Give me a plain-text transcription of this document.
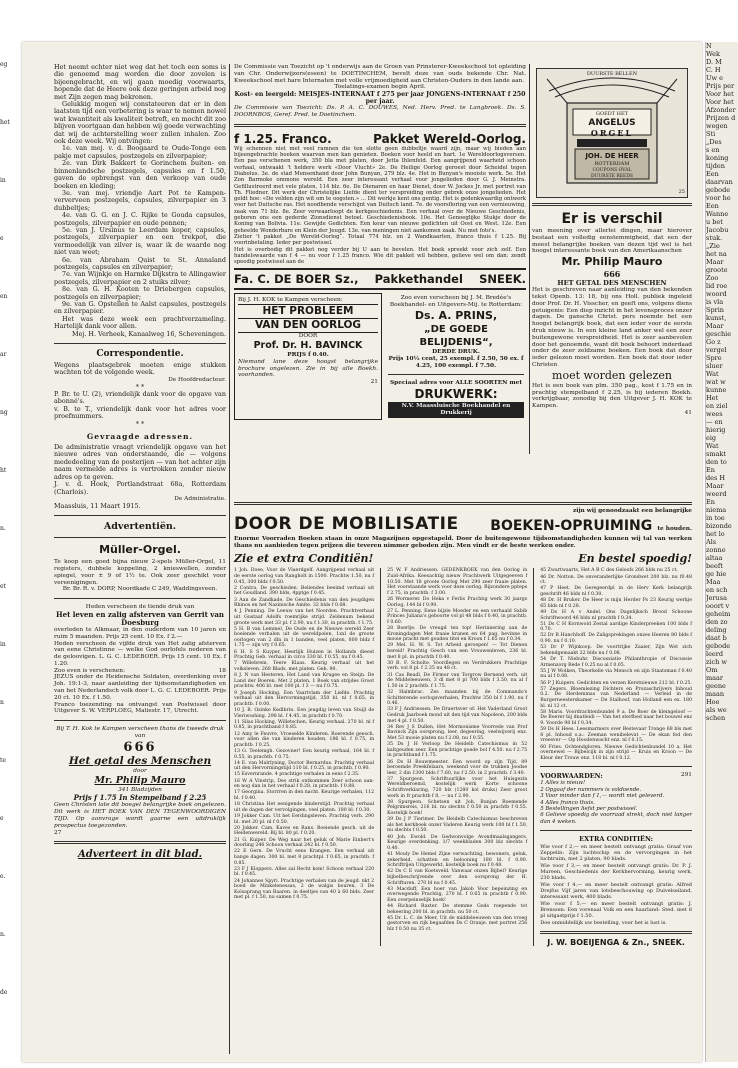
eg
het
in
e
en
ar
ng
ht
n.
et
in
n
te
e
e.
n.
de

Het neemt echter niet weg dat het toch een soms is die genoemd mag worden die door zovelen is bijeengebracht, en wij gaan moedig voorwaarts, hopende dat de Heere ook deze geringen arbeid nog met Zijn zegen mag bekronen.

Gelukkig mogen wij constateeren dat er in den laatsten tijd een verbetering is waar te nemen nowel wat kwantiteit als kwaliteit betreft, en mocht dit zoo blijven voortgaan dan hebben wij goede verwachting dat wij de achterstelling weer zullen inhalen. Zoo ook deze week. Wij ontvingen:

1e. van mej. v. d. Boogaard te Oude-Tonge een pakje met capsules, postzegels en zilverpapier;

2e. van Dirk Bakkert te Gorinchem buiten- en binnenlandsche postzegels, capsules en f 1.50, gaven de opbrengst van den verkoop van oude boeken en kleding;

3e. van mej. vriendje Aart Pot te Kampen-ververveen postzegels, capsules, zilverpapier en 3 dubbeltjes;

4e. van G. G. en J. C. Rijke te Gouda capsules, postzegels, zilverpapier en oude pennen;

5e. van J. Ursinus te Leerdam koper, capsules, postzegels, zilverpapier en een trekpot, die vermoedelijk van zilver is, waar ik de waarde nog niet van weet;

6e. van Abraham Quist te St. Annaland postzegels, capsules en zilverpapier;

7e. van Wijnkje en Harmke Dijkstra te Allingawier postzegels, zilverpapier en 2 stuiks zilver;

8e. van G. H. Kooten te Driebergen capsules, postzegels en zilverpapier;

9e. van G. Opstellen te Aalst capsules, postzegels en zilverpapier.

Het was deze week een prachtverzameling. Hartelijk dank voor allen.

Mej. H. Verheek, Kanaalweg 16, Scheveningen.

Correspondentie.

Wegens plaatsgebrek moeten enige stukken wachten tot de volgende week.

De Hoofdredacteur.

* *

P. Br. te U. (2), vriendelijk dank voor de opgave van abonné's.

v. B. te T., vriendelijk dank voor het adres voor proefnummers.

* *

Gevraagde adressen.

De administratie vraagt vriendelijk opgave van het nieuwe adres van onderstaande, die — volgens mededeeling van de posterijen — van het achter zijn naam vermelde adres is vertrokken zonder nieuw adres op te geven.

J. v. d. Hoek, Portlandstraat 68a, Rotterdam (Charlois).

De Administratie.

Maassluis, 11 Maart 1915.

Advertentiën.
Müller-Orgel.

Te koop een goed bijna nieuw 2-spels Müller-Orgel, 11 registers, dubbele koppeling, 2 knieswellen, zonder spiegel, voor ± 9 of 1½ te. Ook zeer geschikt voor vereenigingen.

Br. Br. R. v. DORP, Noordkade C 249, Waddingsveen.

Heden verscheen de tiende druk van

Het leven en zalig afsterven van Gerrit van Doesburg

overleden te Alkmaar, in den ouderdom van 10 jaren en ruim 5 maanden. Prijs 25 cent. 10 Ex. f 2.—

Heden verscheen de vijfde druk van Het zalig afsterven van eene Christinne — welke God oorlofels nederen van de geloovigen. L. G. C. LEDEBOER. Prijs 15 cent. 10 Ex. f 1.20.

Zoo even is verschenen:	18

JEZUS onder de Heidensche Soldaten, overdenking over Joh. 19:1-3, naar aanleiding der tijdsomstandigheden en van het Nederlandsch volk door L. G. C. LEDEBOER. Prijs 20 ct. 10 Ex. f 1.50.

Franco toezending na ontvangst van Postwissel door Uitgever S. W. VERPLOEG, Maliestr. 17, Utrecht.

Bij T. H. Kok te Kampen verscheen thans de tweede druk van

666

Het getal des Menschen

door

Mr. Philip Mauro

341 Bladzijden

Prijs f 1.75 In Stempelband f 2.25

Geen Christen late dit boegel belangrijke boek ongelezen. Dit werk is HET BOEK VAN DEN TEGENWOORDIGEN TIJD. Op aanvrage wordt gaarne een uitdruklijk prospectus toegezonden.

27

Adverteert in dit blad.

De Commissie van Toezicht op 't onderwijs aan de Groen van Prinsterer-Kweekschool tot opleiding van Chr. Onderwijzers(essen) te DOETINCHEM, bevelt deze van ouds bekende Chr. Nat. Kweekschool met hare Internaten met volle vrijmoedigheid aan Christen-Ouders in den lande aan.

Toelatings-examen begin April.

Kost- en leergeld: MEISJES-INTERNAAT f 275 per jaar JONGENS-INTERNAAT f 250 per jaar.

De Commissie van Toezicht: Ds. P. A. C. DOUWES, Ned. Herv. Pred. te Langbroek. Ds. S. DOORNBOS, Geref. Pred. te Doetinchem.

f 1.25. Franco.	Pakket Wereld-Oorlog.

Wij schennen niet met veel ramnen die ten slotte geen dubbeltje waard zijn, maar wij bieden aan bijeengebrachte boeken waarvan men kan genieten. Boeken voor heeld en hart. 1e Wereldoorlogsversen. Een pas verschenen werk, 350 bla met platen, door Jetta Ihlenfeld. Een aangrijpend waarheid schoon verhaal, ontwaakt 't heldere werk «Door Vlucht» 2e. De Heilige Oorlog geroest door Scheidel tegen Diabolus. 3e. de stad Mensenhand door John Bunyan, 279 blz. 4e. Het in Bunyan's mooiste werk. 5e. Het Zon Barmoke ommone wereld. Een zeer interessant verhaal voor jongelieden door G. J. Meinstra. Gefillustreerd met vele platen, 114 blz. 6e. De Dienaren en haar Dienst, door W. Jockes Jr. met portret van Th. Fliedner. Dit werk der Christelijke Liefde dient ter verspreiding onder gebrek onze jongelieden. Het geldt hoe: «De velden zijn wit om te oogsten.» ... Dit werkje kent ons gentig. Het is gedenkwaardig ontwerk voor het Duitsche ras. Het noodbende verschijnt van Duitsch land. 7e. de voorsfloring van een vernieuwing, zaak van 71 blz. 8e. Zeer verwaarloopt de kerkgeschiedenis. Een verhaal over de Nieuwe Geschiedenis, geboren ons een gederde Zionsdienst betoel. Geschiedenisbook. 10e. Het Genoeglijke Stukje door de Koning van Bolivia. 11e. Gewijde Gedichten. Een keur van nieuwe gedichten uit Oost en West. 12e. Een geheelde Wonderbare en Klein der Jeugd. 13e. van meningen niet aankomen zaak. Nu met foto's.

Zietier 't pakket „De Wereld-Oorlog“. Totaal 774 blz. en 2 Wandkaarten, franco thuis f 1.25. Bij voorinbetaling. Ieder per postwissel.

Het is overbodig dit pakket nog verder bij U aan te bevelen. Het boek spreekt voor zich zelf. Een handelswaarde van f 4 — nu voor f 1.25 franco. Wie dit pakket wil hebben, gelieve wel om dan: zendt speedig postwissel aan de

Fa. C. DE BOER Sz., Pakkethandel SNEEK.

Bij J. H. KOK te Kampen verscheen:

HET PROBLEEM

VAN DEN OORLOG

DOOR

Prof. Dr. H. BAVINCK

PRIJS f 0.40.

Niemand lane deze hoogst belangrijke brochure ongelezen. Zie in bij alle Boekh. voorhanden.

21

Zoo even verscheen bij J. M. Bredée's Boekhandel- en Uitgevers-Mij. te Rotterdam:

Ds. A. PRINS,

„DE GOEDE BELIJDENIS“,

DERDE DRUK.

Prijs 10½ cent, 25 exempl. f 2.50, 50 ex. f 4.25, 100 exempl. f 7.50.

Speciaal adres voor ALLE SOORTEN met

DRUKWERK:

N.V. Maassluische Boekhandel en Drukkerij

DUURSTE BELLEN
GOEDT HET
ANGELUS
ORGEL
JOH. DE HEER
ROTTERDAM
COUPONS OVAL
DUURSTE REEDS
25

Er is verschil

van meening over allerlei dingen, maar hierover bestaat een volledig eenstemmigheid, dat een der meest belangrijke boeken van dezen tijd wel is het hoogst interessante boek van den Amerikaanschen

Mr. Philip Mauro

666

HET GETAL DES MENSCHEN

Het is geschreven naar aanleiding van den bekenden tekst Openb. 13: 18, bij ons Holl. publiek ingeleid door Prof. Dr. H. Visscher, en geeft ons, volgens diens getuigenis: Een diep inzicht in het levensproces onzer dagen. De gansche Christ. pers noemde het een hoogst belangrijk boek, dat een ieder voor de eerste druk nieuw is. In een kleine land anker wel een zeer buitengewone verspreidheid. Het is zeer aanbevolen door het genoemde, want dit boek behoort inderdaad onder de zeer zeldzame boeken. Een boek dat door ieder gelezen moet worden. Een boek dat door ieder Christen

moet worden gelezen

Het is een boek van plm. 350 pag., kost f 1.75 en in prachtig stempelband f 2.25, is bij iederen Boekh. verkrijgbaar, zonodig bij den Uitgever J. H. KOK te Kampen.

41

DOOR DE MOBILISATIE
zijn wij genoodzaakt een belangrijke
BOEKEN-OPRUIMING te houden.

Enorme Voorraden Boeken staan in onze Magazijnen opgestapeld. Door de buitengewone tijdsomstandigheden kunnen wij tal van werken thans nu aanbieden tegen prijzen die teveren nimmer geboden zijn. Men vindt er de beste werken onder.

Zie et extra Conditiën!	En bestel spoedig!

1 Joh. Doee, Voor de Vlaerdgelf. Aangrijpend verhaal uit de eerste oorlog van Rangholt in 1500. Prachtw 1.50, nu f 0.45, 300 bldz f 0.50.

2 Contra, De geschieden. Beliendes beeimd verhaal uit het Goudland. 390 blds, 4pptge f 0.45.

3 Aan de Zandkade. De Geschiedenis van den jeugdigen Rhinos en het Nazinische Amite. 32 blds f 0.08.

4 J. Penning. De Leeuw van het Noorden. Prachtverhaal uit Gustaaf Adolfs roemrijke strijd. Zeldenum bekend groote werk met 33 pl. f 2.90, nu f 1.30, in prachtb. f 1.75.

5 H. B van Lemmel, De Oude en de Nieuwe wereld Zeer boeiende verhalen uit de wereldpolen, 1xxl de groote oorlogen van 2 dln in 1 banden, veel platen, 800 bldz f 1.75 — zijn vry f 0.65.

6 H. S S Kuyper, Heerlijk Huizen in Hollands dieest Prachtig Geb. verhaal in circo 330 bl. f 0.55, nu f 0.45.

7 Willebrem, Teere Klaas. Keurig verhaal uit het volksleven. 268 Blads. met platen. Geb. 90.

8 J. N van Hesteren, Het Land van Krugee en Steijn. De Land der Boeren. Met 2 platen, 1 Boek van strijdes Groot prachtw. 406 bl. met 100 pl. f 3 — nu f 0.75.

9 Joseph Hocking. Een Vaartvlam der Liefde. Prachtig verhaal uit den Hervormingstijd, 350 bl. nl f 0.65, in prachtb. f 0.00.

10 J. B. Ozinke Kedlbrin. Een jeugdig leven van Stuijl de Vleriwsshing. 298 bl. f 4.45, in prachtb f 0.70.

11 Silas Hocking, Willetschen, Keurig verhaal. 270 bl. nl f 0.85, in prachtband f 0.85.

12 Amy le Feuvre, Vroeselde Kinderen. Roerende geesch. voor allen die van kinderen houden, 186 bl. f 0.75, in prachtb. f 0.25.

13 G. Teelemgh. Gezovner! Een keurig verhaal, 164 bl. f 0.55, in prachtb. f 0.75.

14 E. van Malrlyning, Doctor Bernardus. Prachtig verhaal uit den Hervormingstijd 110 bl. f 0.25, in prachtb. f 0.90.

15 Esvernrande. 4 prachtige verhalen in eens f 2.35.

16 W A Vinstrip, Des strik ontkommen Zeer schoon aan- en nog dan in het verhaal f 0.28, in prachtb. f 0.88.

17 Georgina. Storrren in den nacht. Keurige verhalen, 112 bl. f 0.40.

18 Christina Het eenigende kinderstijd. Prachtig verhaal uit de dagen der vervolgingen, veel platen. 180 bl. f 0.30.

19 Jokker Cam. Uit het Eerdingsleven. Prachtig verh. 290 bl. met 20 pl. nl f 0.50.

20 Jokker. Cam. Kaves en Rans. Boeiende gesch. uit de Heidenwereld. Bij bl. 80 pl. f 0.20.

21 G. Kuiper. De Weg naar het geluk of Marie Einbert's doorling 246 Schoon verhaal 242 bl. f 0.50.

22 E Gern. De Vrucht eens Krangen. Een verhaal uit bange dagen. 300 bl. met 8 prachtpl. f 0.65, in prachtb. f 0.85.

23 F J Kloppers. Alles zal Recht kom! Schoon verhaal 220 bl. f 0.45.

24 Johannes Spyri. Prachtige verhalen van de jeugd. nkt 2 boed de Minkelenessas, 2 de walgis bouren, 3 De Kolsaprang van Baaren. in deeltjes van 40 à 60 blds. Zeer met pl. f 1.50, nu samen f 0.75.

25 W. F Andriessen. GEDENKBOEK van den Oorlog in Zuid-Afrika. Keesachtig nieuw Prachtwerk Uitgegeeven f 10.50. Met 18 groote Oorlog Met 290 zeer fraaie platen. Het voorstaande werk voor deze oorlog. Bijzondere ppteps f 2.75, in prachtb. f 3.00.

26 Wormerer. Do Heka v Ferlis Prachtig werk 30 jaargs Oorlog, 144 bl f 0.90.

27 L. Penning. Eene bijzie Moeder en een verhaald Sabib Princes Juliana's geboorte vol pl 48 blds f 0.40, in prachtb. f 0.60.

28 Boerlje. De vreugd ten top! Herinnering aan de Kroningdagen Met fraaie kranen en 64 pag. bevinne in mooie pracht met gouden titel en Kroon f 1.65 nu f 0.34.

29 Mel. H. W. S. Tot Arbeid geroepen! — Tot Dienen bereid! Prachtig Gesch van een Vrouwenleven, 236 bl. met 8 pl. in prachtb f 0.40.

30 B. F. Scholte. Voordlegen en Verdrukkers Prachtige verh. vol 8 pl. f 2.35 nu 48 ct.

31 Cas Beadl, De Firmor van Torgrow Bernend verh. uit de Middeleeuwen, 3 dl met 8 pl 700 blds f 3.50, nu al f 1.50 in 2 prachtb. f 1.75.

32 Haimbrac. Zes maanden bij de Commando's Schitterende oorlogsverhalen, Prachtw 350 bl f 1.90, nu f 0.46.

33 F J Andriessen. De Draertsver of: Het Vaderland Groot Gedruk Jaarboek mond uit den tijd van Napoleon, 200 blds met 4 pl. f 0.50.

34 Rev J S Dullen, Het Mormonisme Voorrede van Prof Bavinck Zijn oorsprong, leer, degeering, veelwijverij enz. Met 53 mooie platen nu f 2.08, nu f 0.55.

35 Ds J H Verloop De Heidelb Catechismus in 52 kaltgeuden zeer. Een prachtige goede bol f 4.50. nu f 2.75 in prachtband f 1.75.

36 Ds H Bouwmeester. Een woord op zijn Tijd, 89 beroemde Preekfelaars, weekend voor de trukken Joodse leer, 2 din 1300 blds f 7.60, nu f 2.50. in 2 prachtb. f 3.40.

37 Spurgeon. Schriftuurlijke voor het Huisgezin Wereldberoemd, kostelijk werk Korte schoone Schriftverklaring, 720 blz (1280 kol druks) Zeer groot werk in fr prachtb f 8, — nu f 2.90.

38 Spurgeon. Schetsen uit Joh. Bunjan Roemende Pelgrimsreis, 216 bl. nu slechts f 0.50 in prachtb f 0.55. Kostelijk boek!

39 Ds J P Tierimer. De Heidelb Catechismus beschreven als het kerkboek onzer Vaderen Keurig werk 100 bl f 1.50, nu slechts f 0.50.

40 Joh. Ewold. De Gedwonvolge Avondmaalsgangers. Keurige overdenking. 1/7 weekbladen 300 blz slechts f 0.40.

41 Mouly De Hemel Zijne verwachting, bewoners, geluk, zekerheid, schatten en belooning 180 bl. f 0.90. Schriftrijen Uitgewerkt, kostelijk boek nu f 0.48.

42 Ds C E van Koetsveld. Vanwaar onzen Bijbel? Keurige bijbelbeschrijvende over den oorsprong der H. Schrifturen. 270 bl nu f 0.45.

43 Macduff, Een hoer van Jakob Voor bepeinzing en overwegende Prachtig, 270 bl. f 0.65 in prachtb f 0.90. Een overpeinselijk boek!

44 Richard Baxter. De stemme Gods roepende tot bekeering 200 bl. in prachtb. nu 50 ct.

45 Dr. L. C. de Meer, Uit de middeleeuwen van den vroeg gestorven en rijk begaafden Ds C Oranje. met portret 256 blz f 0.50 nu 35 ct.

45 Zwartwaarts, Het A B C des Geloofs 266 blds nu 25 ct.

46 Dr. Notton. De onveranderlijke Grondwet 200 blz. nu f0.48 ct.

47 P Heet. De Geregeerdpl in de Herv Kerk belangrijk geschrift 46 blds nl f 0.30.

48 Dr. H Bruker. De Heer is mijn Herder Ps 23 Keurig werkje 65 blds nl f 0.28.

49 Ds H A v Andel. Ons Dagelijksch Brood Schoone Schriftwoord 46 blds nl prachtb f 0.34.

51 Ds C H Kornwold Zestal aardige Kinderpreeken 100 blds f 0.70.

52 Dr B Hanchhoff. De Zaligsprekingen onzes Heeren 80 blds f 0.90. nu f 0.10.

53 Dr P Wijnkoop. De voortrijke Zaaier, Zijn Wet zich bekendgemaakt 22 blds nu f 0.08.

54 Dr T. Niebuhr. Discussiatie Philanthropie of Discussie Armenzorg Rede f 0.25 nu al f 0.05.

55 J W Wolken, Theorkelle via Mensch en zijn Staatsman f 0.40 nu al f 0.08.

56 P J Kuipers. Gedichten en verzen Kerstnieuwe 212 bl. f 0.25.

57 Zegers. Bloemlezing Dichters en Prozaschrijvers Inhoud 0.2. De Herdemmas van Nederland — Verleid in de Burgerneesterskamer — De Stalhoof, van Holland een ex. 180 bl. nl 12 ct.

58 Maris. Voordrachtenbundel 9 a. De Boer de kleingeloof — De Boerer bij dnatleidi — Van het sterfbed naar het bouwel enz 9. Voorde 98 bl f 0.34.

59 Ds H Hees. Leesmarmers over Bestevaar Tronge 68 bls met 8 pl. Inhoud o.a.: Zeeman wenibelevat — De ekan fod den vreesver — Op Hoodenwacht enz. nl f 0.15.

60 Fries. Ochtendgloren. Nieuwe Gedichtenbundel 10 a. Het overnewel — Bijbelcijk in zijn strijd — Kruis en Kroon — De Kleur der Trouw enz. 118 bl. nl f 0.12.

VOORWAARDEN:	291

1 Alles is nieuw!

2 Opgaaf der nummers is voldoende.

3 Voor minder dan f 1,— wordt niet geleverd.

4 Alles franco thuis.

5 Bestellingen liefst per postwissel.

6 Gelieve spoedig de voorraad strekt, doch niet langer dan 4 weken.

EXTRA CONDITIËN:

Wie voor f 2,— en meer bestelt ontvangt gratis: Graaf von Zeppelin: Zijn luchtschip en de vervorgingen in het luchtruim, met 2 platen, 90 blads.

Wie voor f 3,— en meer bestelt ontvangt gratis: Dr. P. J. Mureen, Geschiedenis der Kerkhervorming, keurig werk, 230 blads.

Wie voor f 4,— en meer bestelt ontvangt gratis: Alfred Drejfus Vijf jaren van lotsbeschouwing op Duivelseiland, interessant werk, 400 blads.

Wie voor f 5,— en meer bestelt ontvangt gratis: J. Brenssen: Een vorenaal Volk en een haarland: Sted. met 8 pl uitgastprijs f 1.50.

Doe onmiddellijk uw bestelling, voor het is lust is.

J. W. BOEIJENGA & Zn., SNEEK.

N
Wek
D. M
C. H
Uw e
Prijs per
Voor het
Voor het
Afzonder
Prijzen d
wegen
Sti
„Des
s en
koning
tijden
Een
daarvan
gebode
voor he
Een
Wanne
u bet
Jacobu
stuk.
„Zie
het na
Maar
groote
Zoo
lid roe
woord
is vla
Sprin
kunst,
Maar
geschie
Go z
vergel
Spre
sluer
Wat
wat w
kunne
Het
en ziel
wees
— en
hierig
eig
Wat
smakt
den to
En
des H
Maar
weerd
En
niema
in toe
bizonde
het lo
Als
zonne
altaa
beeft
ge hie
Maa
en sch
Jerusa
ooort v
geheim
den zo
deling
daat b
gebode
leerd
zich w
Om
maar
geene
maan
Hoe
als we
schen
